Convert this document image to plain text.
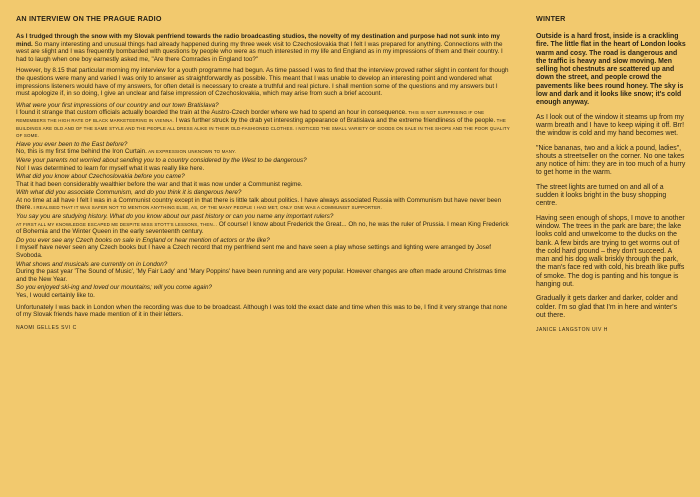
AN INTERVIEW ON THE PRAGUE RADIO

As I trudged through the snow with my Slovak penfriend towards the radio broadcasting studios, the novelty of my destination and purpose had not sunk into my mind. So many interesting and unusual things had already happened during my three week visit to Czechoslovakia that I felt I was prepared for anything. Connections with the west are slight and I was frequently bombarded with questions by people who were as much interested in my life and England as in my impressions of them and their country. I had to laugh when one boy earnestly asked me, "Are there Comrades in England too?"

However, by 8.15 that particular morning my interview for a youth programme had begun. As time passed I was to find that the interview proved rather slight in content for though the questions were many and varied I was only to answer as straightforwardly as possible. This meant that I was unable to develop an interesting point and wondered what impressions listeners would have of my answers, for often detail is necessary to create a truthful and real picture. I shall mention some of the questions and my answers but I must apologize if, in so doing, I give an unclear and false impression of Czechoslovakia, which may arise from such a brief account.

What were your first impressions of our country and our town Bratislava?

I found it strange that custom officials actually boarded the train at the Austro-Czech border where we had to spend an hour in consequence. THIS IS NOT SURPRISING IF ONE REMEMBERS THE HIGH RATE OF BLACK MARKETEERING IN VIENNA. I was further struck by the drab yet interesting appearance of Bratislava and the extreme friendliness of the people. THE BUILDINGS ARE OLD AND OF THE SAME STYLE AND THE PEOPLE ALL DRESS ALIKE IN THEIR OLD-FASHIONED CLOTHES. I NOTICED THE SMALL VARIETY OF GOODS ON SALE IN THE SHOPS AND THE POOR QUALITY OF SOME.

Have you ever been to the East before?

No, this is my first time behind the Iron Curtain. AN EXPRESSION UNKNOWN TO MANY.

Were your parents not worried about sending you to a country considered by the West to be dangerous?

No! I was determined to learn for myself what it was really like here.

What did you know about Czechoslovakia before you came?

That it had been considerably wealthier before the war and that it was now under a Communist regime.

With what did you associate Communism, and do you think it is dangerous here?

At no time at all have I felt I was in a Communist country except in that there is little talk about politics. I have always associated Russia with Communism but have never been there. I REALISED THAT IT WAS SAFER NOT TO MENTION ANYTHING ELSE, AS, OF THE MANY PEOPLE I HAD MET, ONLY ONE WAS A COMMUNIST SUPPORTER.

You say you are studying history. What do you know about our past history or can you name any important rulers?

AT FIRST ALL MY KNOWLEDGE ESCAPED ME DESPITE MISS STOTT'S LESSONS, THEN... Of course! I know about Frederick the Great... Oh no, he was the ruler of Prussia. I mean King Frederick of Bohemia and the Winter Queen in the early seventeenth century.

Do you ever see any Czech books on sale in England or hear mention of actors or the like?

I myself have never seen any Czech books but I have a Czech record that my penfriend sent me and have seen a play whose settings and lighting were arranged by Josef Svoboda.

What shows and musicals are currently on in London?

During the past year 'The Sound of Music', 'My Fair Lady' and 'Mary Poppins' have been running and are very popular. However changes are often made around Christmas time and the New Year.

So you enjoyed ski-ing and loved our mountains; will you come again?

Yes, I would certainly like to.

Unfortunately I was back in London when the recording was due to be broadcast. Although I was told the exact date and time when this was to be, I find it very strange that none of my Slovak friends have made mention of it in their letters.

NAOMI GELLES SVI C

WINTER

Outside is a hard frost, inside is a crackling fire. The little flat in the heart of London looks warm and cosy. The road is dangerous and the traffic is heavy and slow moving. Men selling hot chestnuts are scattered up and down the street, and people crowd the pavements like bees round honey. The sky is low and dark and it looks like snow; it's cold enough anyway.

As I look out of the window it steams up from my warm breath and I have to keep wiping it off. Brr! the window is cold and my hand becomes wet.

"Nice bananas, two and a kick a pound, ladies", shouts a streetseller on the corner. No one takes any notice of him: they are in too much of a hurry to get home in the warm.

The street lights are turned on and all of a sudden it looks bright in the busy shopping centre.

Having seen enough of shops, I move to another window. The trees in the park are bare; the lake looks cold and unwelcome to the ducks on the bank. A few birds are trying to get worms out of the cold hard ground – they don't succeed. A man and his dog walk briskly through the park, the man's face red with cold, his breath like puffs of smoke. The dog is panting and his tongue is hanging out.

Gradually it gets darker and darker, colder and colder. I'm so glad that I'm in here and winter's out there.

JANICE LANGSTON UIV H
